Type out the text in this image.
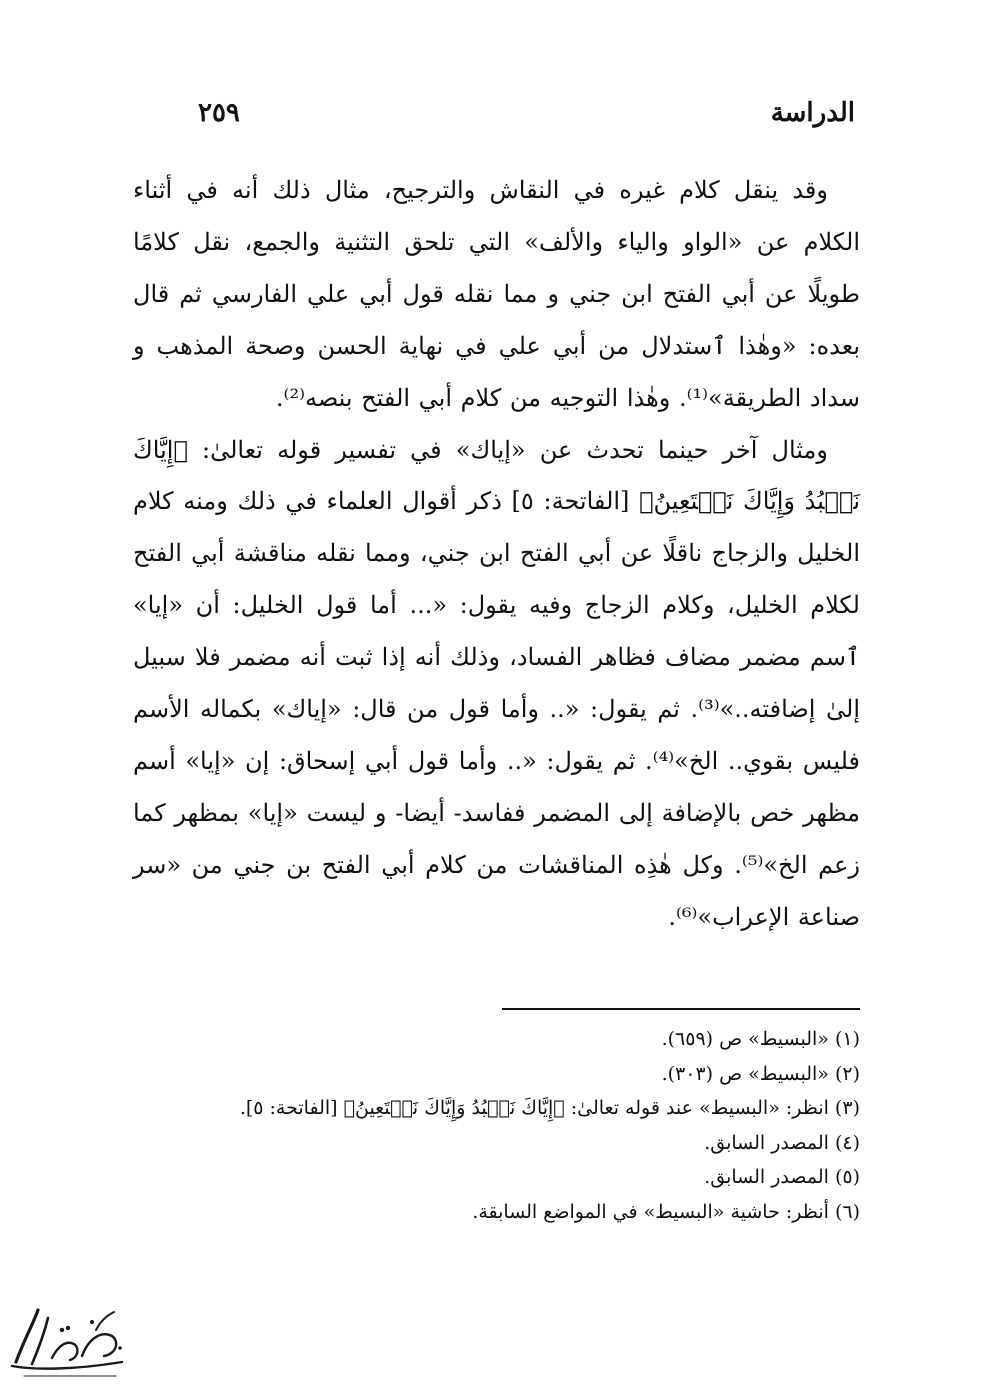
الدراسة
٢٥٩

وقد ينقل كلام غيره في النقاش والترجيح، مثال ذلك أنه في أثناء الكلام عن «الواو والياء والألف» التي تلحق التثنية والجمع، نقل كلامًا طويلًا عن أبي الفتح ابن جني و مما نقله قول أبي علي الفارسي ثم قال بعده: «وهٰذا ٱستدلال من أبي علي في نهاية الحسن وصحة المذهب و سداد الطريقة»⁽¹⁾. وهٰذا التوجيه من كلام أبي الفتح بنصه⁽²⁾.

ومثال آخر حينما تحدث عن «إياك» في تفسير قوله تعالىٰ: ﴿إِيَّاكَ نَعۡبُدُ وَإِيَّاكَ نَسۡتَعِينُ﴾ [الفاتحة: ٥] ذكر أقوال العلماء في ذلك ومنه كلام الخليل والزجاج ناقلًا عن أبي الفتح ابن جني، ومما نقله مناقشة أبي الفتح لكلام الخليل، وكلام الزجاج وفيه يقول: «... أما قول الخليل: أن «إيا» ٱسم مضمر مضاف فظاهر الفساد، وذلك أنه إذا ثبت أنه مضمر فلا سبيل إلىٰ إضافته..»⁽³⁾. ثم يقول: «.. وأما قول من قال: «إياك» بكماله الأسم فليس بقوي.. الخ»⁽⁴⁾. ثم يقول: «.. وأما قول أبي إسحاق: إن «إيا» أسم مظهر خص بالإضافة إلى المضمر ففاسد- أيضا- و ليست «إيا» بمظهر كما زعم الخ»⁽⁵⁾. وكل هٰذِه المناقشات من كلام أبي الفتح بن جني من «سر صناعة الإعراب»⁽⁶⁾.

(١) «البسيط» ص (٦٥٩).
(٢) «البسيط» ص (٣٠٣).
(٣) انظر: «البسيط» عند قوله تعالىٰ: ﴿إِيَّاكَ نَعۡبُدُ وَإِيَّاكَ نَسۡتَعِينُ﴾ [الفاتحة: ٥].
(٤) المصدر السابق.
(٥) المصدر السابق.
(٦) أنظر: حاشية «البسيط» في المواضع السابقة.
